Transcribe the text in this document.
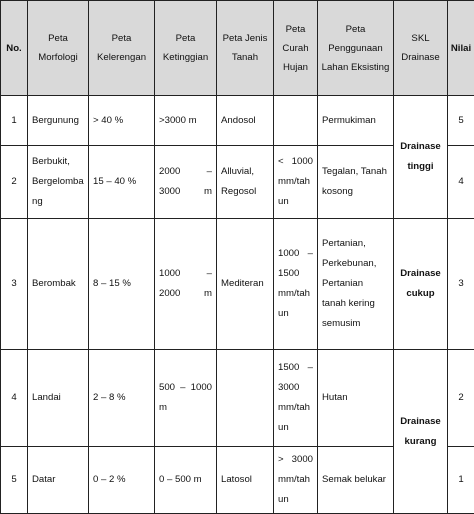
No.	Peta Morfologi	Peta Kelerengan	Peta Ketinggian	Peta Jenis Tanah	Peta Curah Hujan	Peta Penggunaan Lahan Eksisting	SKL Drainase	Nilai
1	Bergunung	> 40 %	>3000 m	Andosol		Permukiman	Drainase tinggi	5
2	Berbukit, Bergelombang	15 – 40 %	2000 – 3000 m	Alluvial, Regosol	< 1000 mm/tahun	Tegalan, Tanah kosong		4
3	Berombak	8 – 15 %	1000 – 2000 m	Mediteran	1000 – 1500 mm/tahun	Pertanian, Perkebunan, Pertanian tanah kering semusim	Drainase cukup	3
4	Landai	2 – 8 %	500 – 1000 m		1500 – 3000 mm/tahun	Hutan	Drainase kurang	2
5	Datar	0 – 2 %	0 – 500 m	Latosol	> 3000 mm/tahun	Semak belukar		1
